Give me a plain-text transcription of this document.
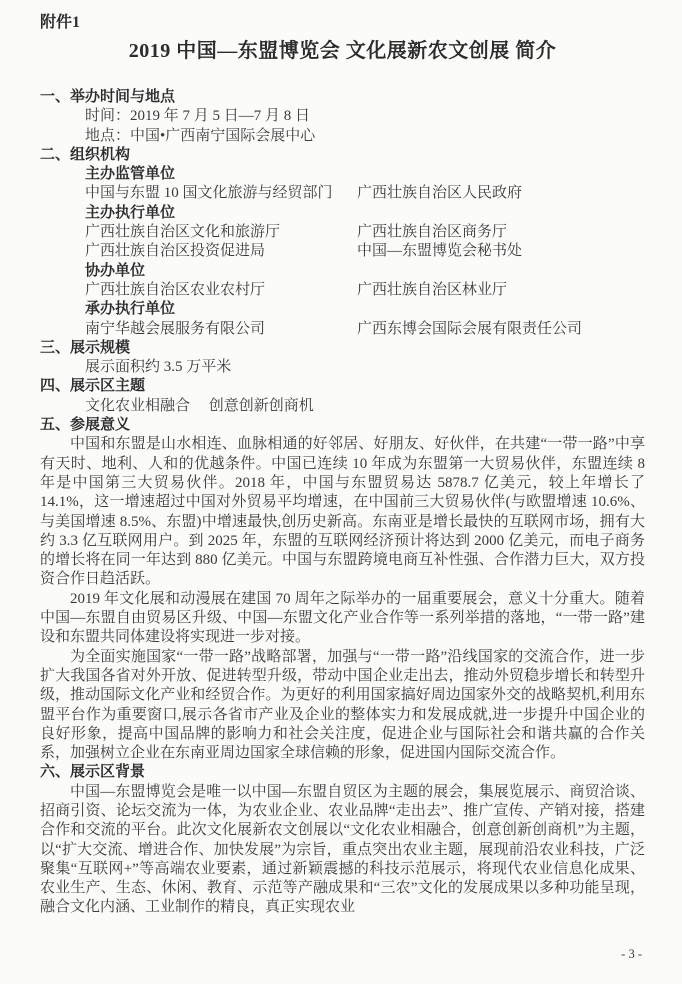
附件1
2019 中国—东盟博览会 文化展新农文创展 简介
一、举办时间与地点
时间：2019 年 7 月 5 日—7 月 8 日
地点：中国•广西南宁国际会展中心
二、组织机构
主办监管单位
中国与东盟 10 国文化旅游与经贸部门	广西壮族自治区人民政府
主办执行单位
广西壮族自治区文化和旅游厅	广西壮族自治区商务厅
广西壮族自治区投资促进局	中国—东盟博览会秘书处
协办单位
广西壮族自治区农业农村厅	广西壮族自治区林业厅
承办执行单位
南宁华越会展服务有限公司	广西东博会国际会展有限责任公司
三、展示规模
展示面积约 3.5 万平米
四、展示区主题
文化农业相融合　 创意创新创商机
五、参展意义

中国和东盟是山水相连、血脉相通的好邻居、好朋友、好伙伴，在共建“一带一路”中享有天时、地利、人和的优越条件。中国已连续 10 年成为东盟第一大贸易伙伴，东盟连续 8 年是中国第三大贸易伙伴。2018 年，中国与东盟贸易达 5878.7 亿美元，较上年增长了 14.1%，这一增速超过中国对外贸易平均增速，在中国前三大贸易伙伴(与欧盟增速 10.6%、与美国增速 8.5%、东盟)中增速最快,创历史新高。东南亚是增长最快的互联网市场，拥有大约 3.3 亿互联网用户。到 2025 年，东盟的互联网经济预计将达到 2000 亿美元，而电子商务的增长将在同一年达到 880 亿美元。中国与东盟跨境电商互补性强、合作潜力巨大，双方投资合作日趋活跃。

2019 年文化展和动漫展在建国 70 周年之际举办的一届重要展会，意义十分重大。随着中国—东盟自由贸易区升级、中国—东盟文化产业合作等一系列举措的落地，“一带一路”建设和东盟共同体建设将实现进一步对接。

为全面实施国家“一带一路”战略部署，加强与“一带一路”沿线国家的交流合作，进一步扩大我国各省对外开放、促进转型升级，带动中国企业走出去，推动外贸稳步增长和转型升级，推动国际文化产业和经贸合作。为更好的利用国家搞好周边国家外交的战略契机,利用东盟平台作为重要窗口,展示各省市产业及企业的整体实力和发展成就,进一步提升中国企业的良好形象，提高中国品牌的影响力和社会关注度，促进企业与国际社会和谐共赢的合作关系，加强树立企业在东南亚周边国家全球信赖的形象，促进国内国际交流合作。

六、展示区背景

中国—东盟博览会是唯一以中国—东盟自贸区为主题的展会，集展览展示、商贸洽谈、招商引资、论坛交流为一体，为农业企业、农业品牌“走出去”、推广宣传、产销对接，搭建合作和交流的平台。此次文化展新农文创展以“文化农业相融合，创意创新创商机”为主题，以“扩大交流、增进合作、加快发展”为宗旨，重点突出农业主题，展现前沿农业科技，广泛聚集“互联网+”等高端农业要素，通过新颖震撼的科技示范展示，将现代农业信息化成果、农业生产、生态、休闲、教育、示范等产融成果和“三农”文化的发展成果以多种功能呈现，融合文化内涵、工业制作的精良，真正实现农业

- 3 -
